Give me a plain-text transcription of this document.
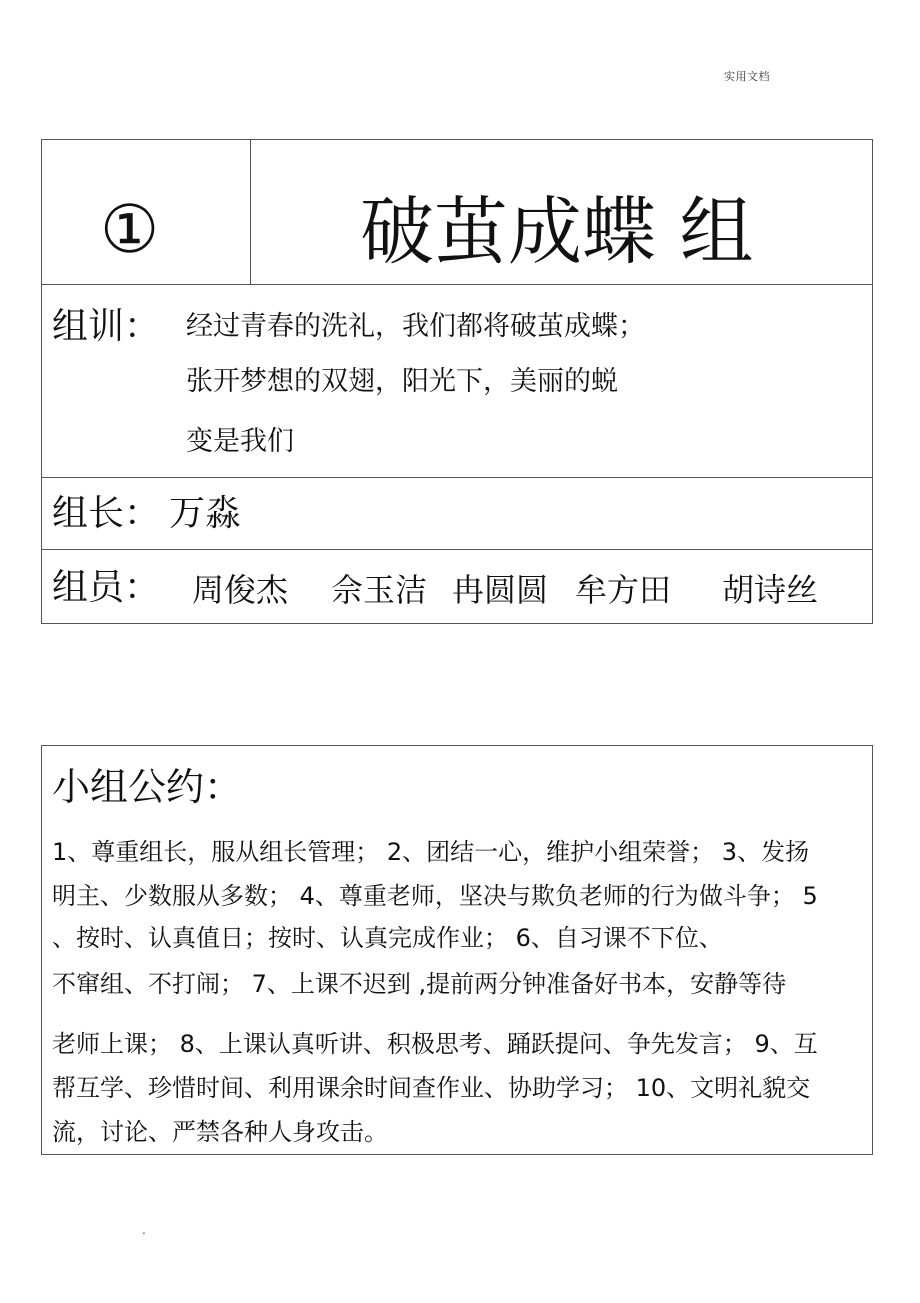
实用文档
①	破茧成蝶 组
组训： 经过青春的洗礼，我们都将破茧成蝶；
张开梦想的双翅，阳光下，美丽的蜕
变是我们
组长： 万淼
组员： 周俊杰 佘玉洁 冉圆圆 牟方田 胡诗丝
小组公约：
1、尊重组长，服从组长管理； 2、团结一心，维护小组荣誉； 3、发扬
明主、少数服从多数； 4、尊重老师，坚决与欺负老师的行为做斗争； 5
、按时、认真值日；按时、认真完成作业； 6、自习课不下位、
不窜组、不打闹； 7、上课不迟到 ,提前两分钟准备好书本，安静等待
老师上课； 8、上课认真听讲、积极思考、踊跃提问、争先发言； 9、互
帮互学、珍惜时间、利用课余时间查作业、协助学习； 10、文明礼貌交
流，讨论、严禁各种人身攻击。
.
